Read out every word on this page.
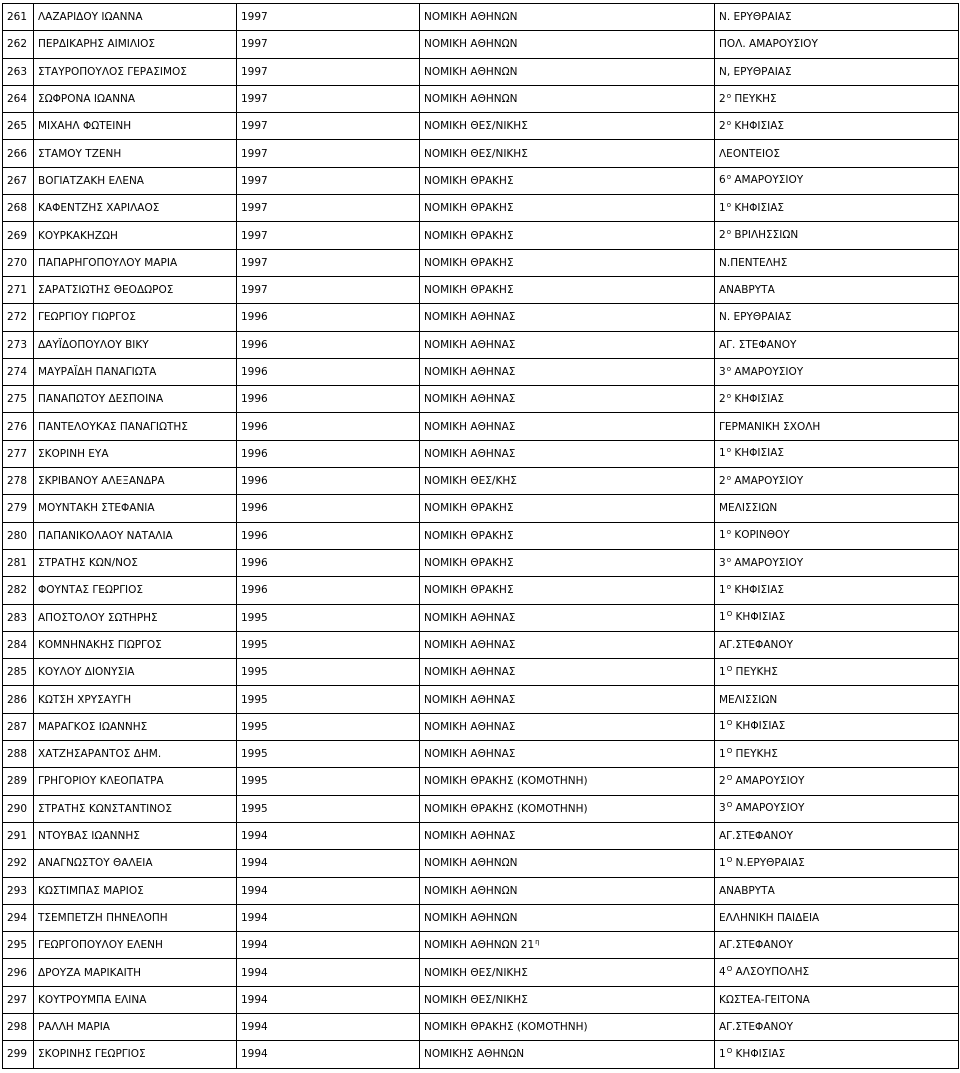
261	ΛΑΖΑΡΙΔΟΥ ΙΩΑΝΝΑ	1997	ΝΟΜΙΚΗ ΑΘΗΝΩΝ	Ν. ΕΡΥΘΡΑΙΑΣ
262	ΠΕΡΔΙΚΑΡΗΣ ΑΙΜΙΛΙΟΣ	1997	ΝΟΜΙΚΗ ΑΘΗΝΩΝ	ΠΟΛ. ΑΜΑΡΟΥΣΙΟΥ
263	ΣΤΑΥΡΟΠΟΥΛΟΣ ΓΕΡΑΣΙΜΟΣ	1997	ΝΟΜΙΚΗ ΑΘΗΝΩΝ	Ν, ΕΡΥΘΡΑΙΑΣ
264	ΣΩΦΡΟΝΑ ΙΩΑΝΝΑ	1997	ΝΟΜΙΚΗ ΑΘΗΝΩΝ	$2^o$ ΠΕΥΚΗΣ
265	ΜΙΧΑΗΛ ΦΩΤΕΙΝΗ	1997	ΝΟΜΙΚΗ ΘΕΣ/ΝΙΚΗΣ	$2^o$ ΚΗΦΙΣΙΑΣ
266	ΣΤΑΜΟΥ ΤΖΕΝΗ	1997	ΝΟΜΙΚΗ ΘΕΣ/ΝΙΚΗΣ	ΛΕΟΝΤΕΙΟΣ
267	ΒΟΓΙΑΤΖΑΚΗ ΕΛΕΝΑ	1997	ΝΟΜΙΚΗ ΘΡΑΚΗΣ	$6^o$ ΑΜΑΡΟΥΣΙΟΥ
268	ΚΑΦΕΝΤΖΗΣ ΧΑΡΙΛΑΟΣ	1997	ΝΟΜΙΚΗ ΘΡΑΚΗΣ	$1^o$ ΚΗΦΙΣΙΑΣ
269	ΚΟΥΡΚΑΚΗΖΩΗ	1997	ΝΟΜΙΚΗ ΘΡΑΚΗΣ	$2^o$ ΒΡΙΛΗΣΣΙΩΝ
270	ΠΑΠΑΡΗΓΟΠΟΥΛΟΥ ΜΑΡΙΑ	1997	ΝΟΜΙΚΗ ΘΡΑΚΗΣ	Ν.ΠΕΝΤΕΛΗΣ
271	ΣΑΡΑΤΣΙΩΤΗΣ ΘΕΟΔΩΡΟΣ	1997	ΝΟΜΙΚΗ ΘΡΑΚΗΣ	ΑΝΑΒΡΥΤΑ
272	ΓΕΩΡΓΙΟΥ ΓΙΩΡΓΟΣ	1996	ΝΟΜΙΚΗ ΑΘΗΝΑΣ	Ν. ΕΡΥΘΡΑΙΑΣ
273	ΔΑΥΪΔΟΠΟΥΛΟΥ ΒΙΚΥ	1996	ΝΟΜΙΚΗ ΑΘΗΝΑΣ	ΑΓ. ΣΤΕΦΑΝΟΥ
274	ΜΑΥΡΑΪΔΗ ΠΑΝΑΓΙΩΤΑ	1996	ΝΟΜΙΚΗ ΑΘΗΝΑΣ	$3^o$ ΑΜΑΡΟΥΣΙΟΥ
275	ΠΑΝΑΠΩΤΟΥ ΔΕΣΠΟΙΝΑ	1996	ΝΟΜΙΚΗ ΑΘΗΝΑΣ	$2^o$ ΚΗΦΙΣΙΑΣ
276	ΠΑΝΤΕΛΟΥΚΑΣ ΠΑΝΑΓΙΩΤΗΣ	1996	ΝΟΜΙΚΗ ΑΘΗΝΑΣ	ΓΕΡΜΑΝΙΚΗ ΣΧΟΛΗ
277	ΣΚΟΡΙΝΗ ΕΥΑ	1996	ΝΟΜΙΚΗ ΑΘΗΝΑΣ	$1^o$ ΚΗΦΙΣΙΑΣ
278	ΣΚΡΙΒΑΝΟΥ ΑΛΕΞΑΝΔΡΑ	1996	ΝΟΜΙΚΗ ΘΕΣ/ΚΗΣ	$2^o$ ΑΜΑΡΟΥΣΙΟΥ
279	ΜΟΥΝΤΑΚΗ ΣΤΕΦΑΝΙΑ	1996	ΝΟΜΙΚΗ ΘΡΑΚΗΣ	ΜΕΛΙΣΣΙΩΝ
280	ΠΑΠΑΝΙΚΟΛΑΟΥ ΝΑΤΑΛΙΑ	1996	ΝΟΜΙΚΗ ΘΡΑΚΗΣ	$1^o$ ΚΟΡΙΝΘΟΥ
281	ΣΤΡΑΤΗΣ ΚΩΝ/ΝΟΣ	1996	ΝΟΜΙΚΗ ΘΡΑΚΗΣ	$3^o$ ΑΜΑΡΟΥΣΙΟΥ
282	ΦΟΥΝΤΑΣ ΓΕΩΡΓΙΟΣ	1996	ΝΟΜΙΚΗ ΘΡΑΚΗΣ	$1^o$ ΚΗΦΙΣΙΑΣ
283	ΑΠΟΣΤΟΛΟΥ ΣΩΤΗΡΗΣ	1995	ΝΟΜΙΚΗ ΑΘΗΝΑΣ	$1^O$ ΚΗΦΙΣΙΑΣ
284	ΚΟΜΝΗΝΑΚΗΣ ΓΙΩΡΓΟΣ	1995	ΝΟΜΙΚΗ ΑΘΗΝΑΣ	ΑΓ.ΣΤΕΦΑΝΟΥ
285	ΚΟΥΛΟΥ ΔΙΟΝΥΣΙΑ	1995	ΝΟΜΙΚΗ ΑΘΗΝΑΣ	$1^O$ ΠΕΥΚΗΣ
286	ΚΩΤΣΗ ΧΡΥΣΑΥΓΗ	1995	ΝΟΜΙΚΗ ΑΘΗΝΑΣ	ΜΕΛΙΣΣΙΩΝ
287	ΜΑΡΑΓΚΟΣ ΙΩΑΝΝΗΣ	1995	ΝΟΜΙΚΗ ΑΘΗΝΑΣ	$1^O$ ΚΗΦΙΣΙΑΣ
288	ΧΑΤΖΗΣΑΡΑΝΤΟΣ ΔΗΜ.	1995	ΝΟΜΙΚΗ ΑΘΗΝΑΣ	$1^O$ ΠΕΥΚΗΣ
289	ΓΡΗΓΟΡΙΟΥ ΚΛΕΟΠΑΤΡΑ	1995	ΝΟΜΙΚΗ ΘΡΑΚΗΣ (ΚΟΜΟΤΗΝΗ)	$2^O$ ΑΜΑΡΟΥΣΙΟΥ
290	ΣΤΡΑΤΗΣ ΚΩΝΣΤΑΝΤΙΝΟΣ	1995	ΝΟΜΙΚΗ ΘΡΑΚΗΣ (ΚΟΜΟΤΗΝΗ)	$3^O$ ΑΜΑΡΟΥΣΙΟΥ
291	ΝΤΟΥΒΑΣ ΙΩΑΝΝΗΣ	1994	ΝΟΜΙΚΗ ΑΘΗΝΑΣ	ΑΓ.ΣΤΕΦΑΝΟΥ
292	ΑΝΑΓΝΩΣΤΟΥ ΘΑΛΕΙΑ	1994	ΝΟΜΙΚΗ ΑΘΗΝΩΝ	$1^O$ Ν.ΕΡΥΘΡΑΙΑΣ
293	ΚΩΣΤΙΜΠΑΣ ΜΑΡΙΟΣ	1994	ΝΟΜΙΚΗ ΑΘΗΝΩΝ	ΑΝΑΒΡΥΤΑ
294	ΤΣΕΜΠΕΤΖΗ ΠΗΝΕΛΟΠΗ	1994	ΝΟΜΙΚΗ ΑΘΗΝΩΝ	ΕΛΛΗΝΙΚΗ ΠΑΙΔΕΙΑ
295	ΓΕΩΡΓΟΠΟΥΛΟΥ ΕΛΕΝΗ	1994	ΝΟΜΙΚΗ ΑΘΗΝΩΝ $21^\eta$	ΑΓ.ΣΤΕΦΑΝΟΥ
296	ΔΡΟΥΖΑ ΜΑΡΙΚΑΙΤΗ	1994	ΝΟΜΙΚΗ ΘΕΣ/ΝΙΚΗΣ	$4^O$ ΑΛΣΟΥΠΟΛΗΣ
297	ΚΟΥΤΡΟΥΜΠΑ ΕΛΙΝΑ	1994	ΝΟΜΙΚΗ ΘΕΣ/ΝΙΚΗΣ	ΚΩΣΤΕΑ-ΓΕΙΤΟΝΑ
298	ΡΑΛΛΗ ΜΑΡΙΑ	1994	ΝΟΜΙΚΗ ΘΡΑΚΗΣ (ΚΟΜΟΤΗΝΗ)	ΑΓ.ΣΤΕΦΑΝΟΥ
299	ΣΚΟΡΙΝΗΣ ΓΕΩΡΓΙΟΣ	1994	ΝΟΜΙΚΗΣ ΑΘΗΝΩΝ	$1^O$ ΚΗΦΙΣΙΑΣ
